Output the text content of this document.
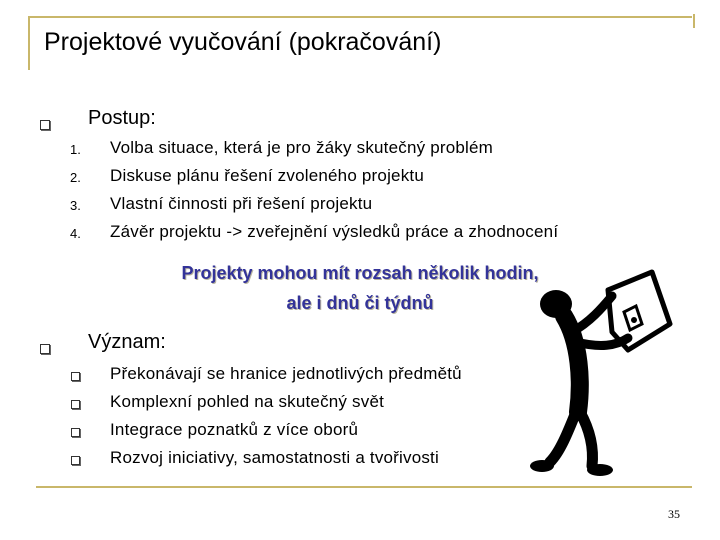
Projektové vyučování (pokračování)
Postup:
1. Volba situace, která je pro žáky skutečný problém
2. Diskuse plánu řešení zvoleného projektu
3. Vlastní činnosti při řešení projektu
4. Závěr projektu -> zveřejnění výsledků práce a zhodnocení
Projekty mohou mít rozsah několik hodin,
ale i dnů či týdnů
Význam:
Překonávají se hranice jednotlivých předmětů
Komplexní pohled na skutečný svět
Integrace poznatků z více oborů
Rozvoj iniciativy, samostatnosti a tvořivosti
35
